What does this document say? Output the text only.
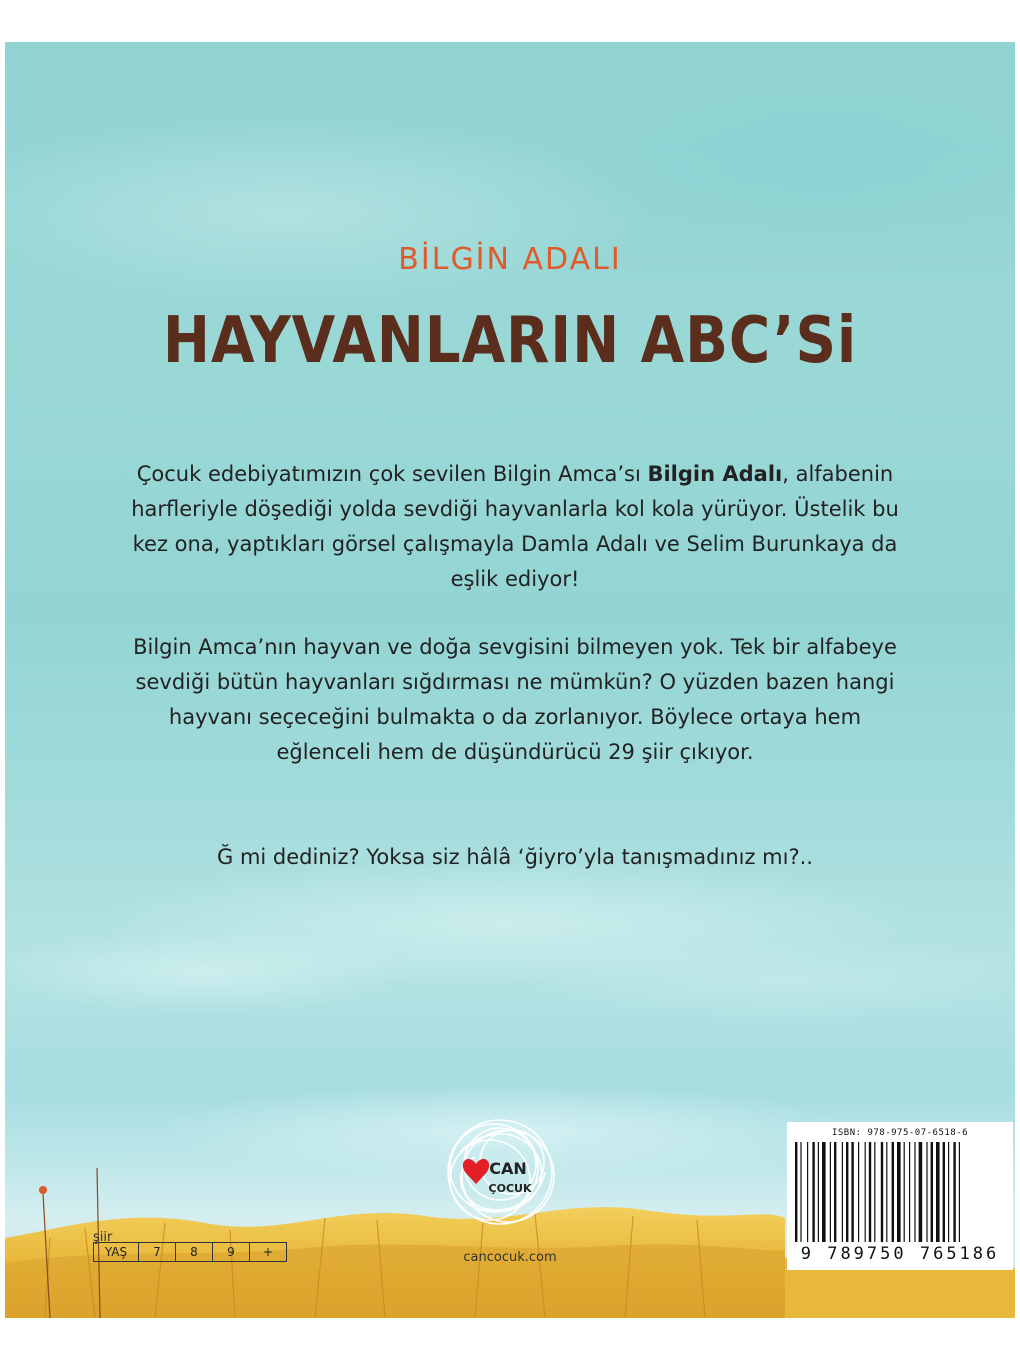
BİLGİN ADALI
HAYVANLARIN ABC’Si
Çocuk edebiyatımızın çok sevilen Bilgin Amca’sı Bilgin Adalı, alfabenin harfleriyle döşediği yolda sevdiği hayvanlarla kol kola yürüyor. Üstelik bu kez ona, yaptıkları görsel çalışmayla Damla Adalı ve Selim Burunkaya da eşlik ediyor!
Bilgin Amca’nın hayvan ve doğa sevgisini bilmeyen yok. Tek bir alfabeye sevdiği bütün hayvanları sığdırması ne mümkün? O yüzden bazen hangi hayvanı seçeceğini bulmakta o da zorlanıyor. Böylece ortaya hem eğlenceli hem de düşündürücü 29 şiir çıkıyor.
Ğ mi dediniz? Yoksa siz hâlâ ‘ğiyro’yla tanışmadınız mı?..
CAN
ÇOCUK
cancocuk.com
şiir
YAŞ	7	8	9	+
ISBN: 978-975-07-6518-6
9 789750 765186
